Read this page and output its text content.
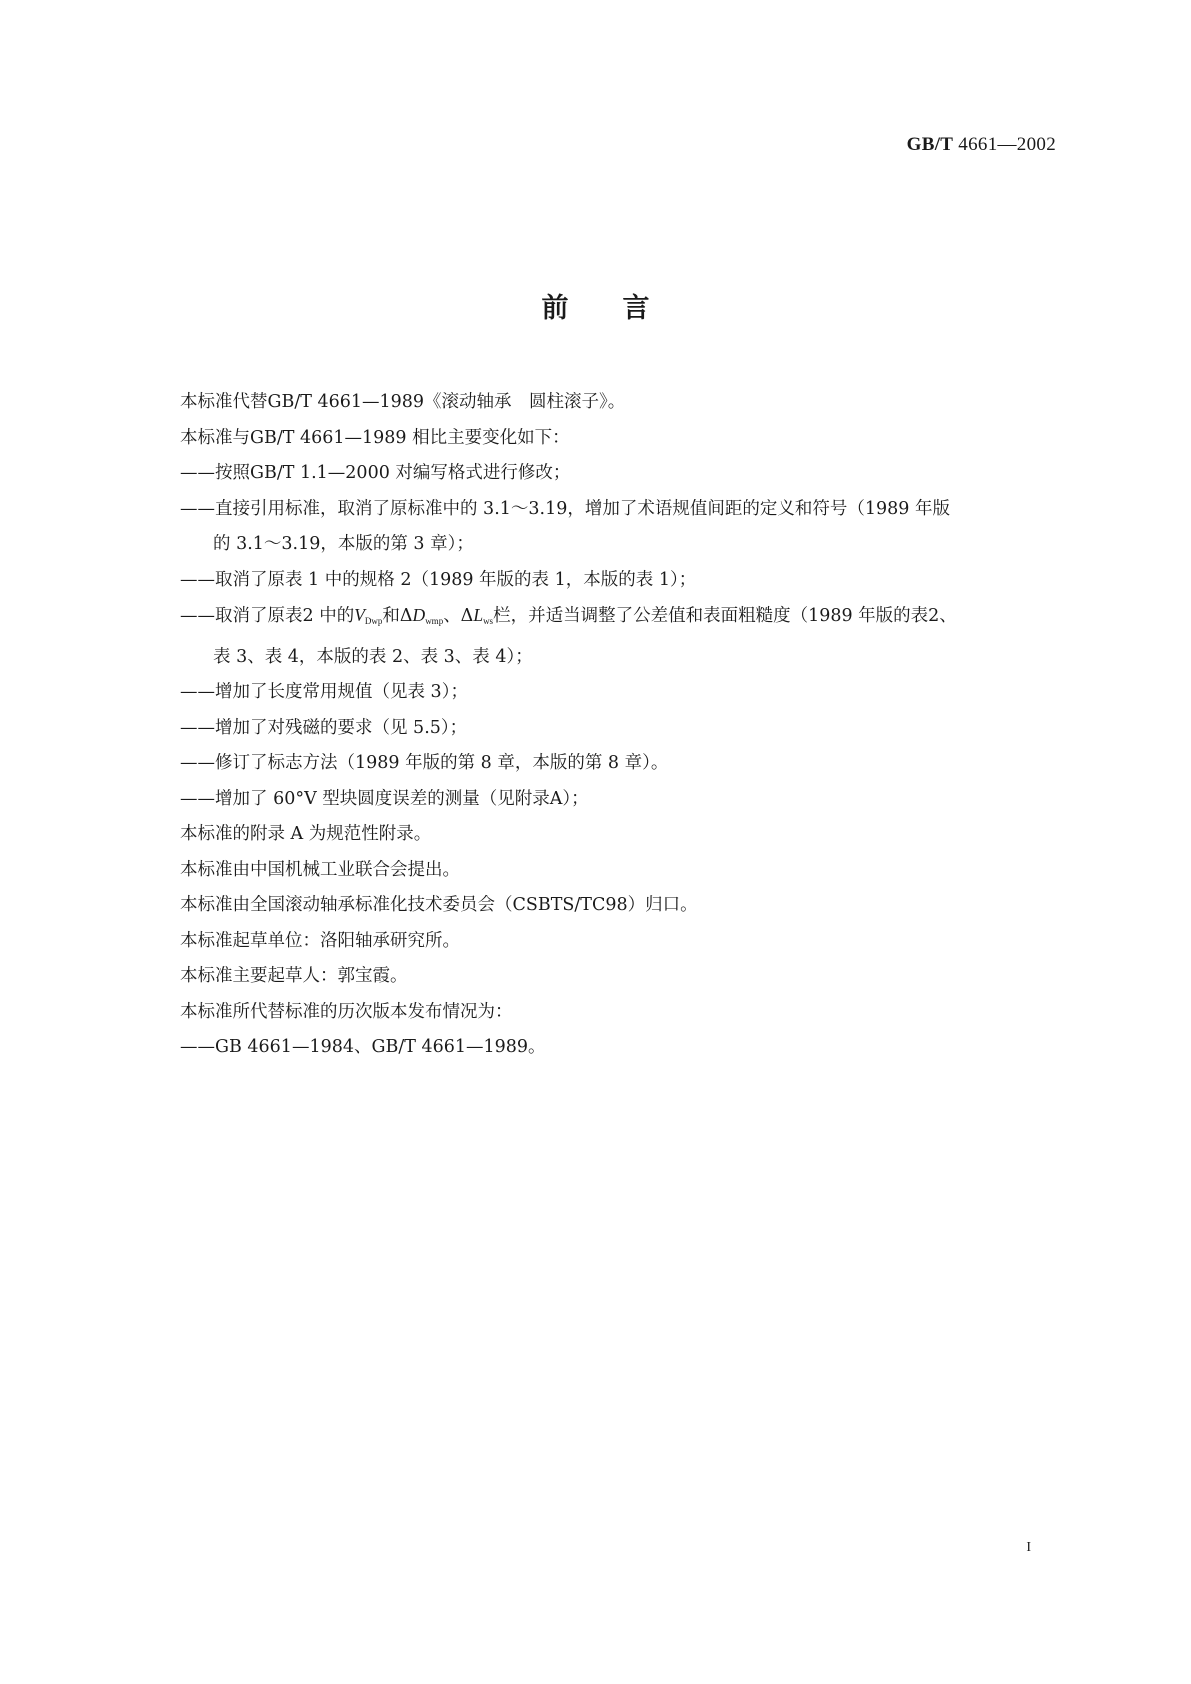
GB/T 4661—2002
前言

本标准代替GB/T 4661—1989《滚动轴承　圆柱滚子》。

本标准与GB/T 4661—1989 相比主要变化如下：

——按照GB/T 1.1—2000 对编写格式进行修改；

——直接引用标准，取消了原标准中的 3.1～3.19，增加了术语规值间距的定义和符号（1989 年版
的 3.1～3.19，本版的第 3 章）；

——取消了原表 1 中的规格 2（1989 年版的表 1，本版的表 1）；

——取消了原表2 中的$V_{Dwp}$和$\Delta D_{wmp}$、$\Delta L_{ws}$栏，并适当调整了公差值和表面粗糙度（1989 年版的表2、
表 3、表 4，本版的表 2、表 3、表 4）；

——增加了长度常用规值（见表 3）；

——增加了对残磁的要求（见 5.5）；

——修订了标志方法（1989 年版的第 8 章，本版的第 8 章）。

——增加了 60°V 型块圆度误差的测量（见附录A）；

本标准的附录 A 为规范性附录。

本标准由中国机械工业联合会提出。

本标准由全国滚动轴承标准化技术委员会（CSBTS/TC98）归口。

本标准起草单位：洛阳轴承研究所。

本标准主要起草人：郭宝霞。

本标准所代替标准的历次版本发布情况为：

——GB 4661—1984、GB/T 4661—1989。

I
